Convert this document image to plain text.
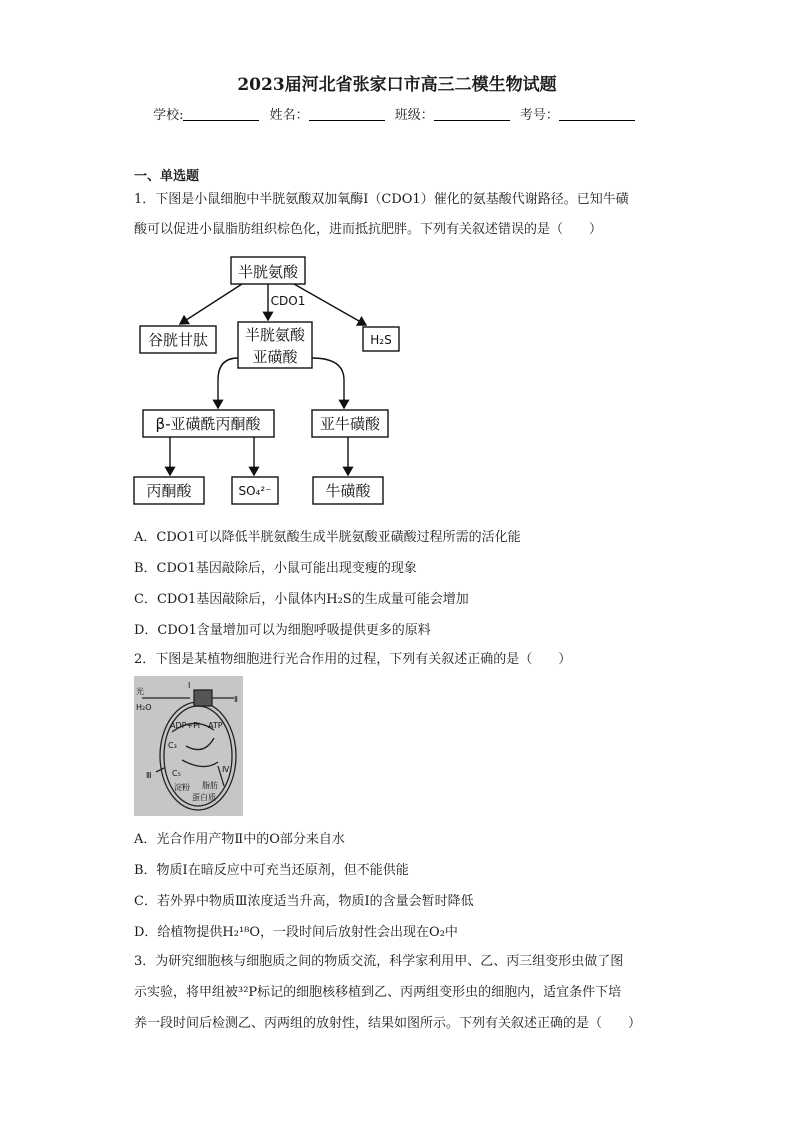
2023届河北省张家口市高三二模生物试题
学校:	姓名：	班级：	考号：
一、单选题
1．下图是小鼠细胞中半胱氨酸双加氧酶Ⅰ（CDO1）催化的氨基酸代谢路径。已知牛磺
酸可以促进小鼠脂肪组织棕色化，进而抵抗肥胖。下列有关叙述错误的是（　　）
半胱氨酸
谷胱甘肽 半胱氨酸
亚磺酸
β-亚磺酰丙酮酸	亚牛磺酸
丙酮酸	牛磺酸
CDO1
H₂S
SO₄²⁻
A．CDO1可以降低半胱氨酸生成半胱氨酸亚磺酸过程所需的活化能
B．CDO1基因敲除后，小鼠可能出现变瘦的现象
C．CDO1基因敲除后，小鼠体内H₂S的生成量可能会增加
D．CDO1含量增加可以为细胞呼吸提供更多的原料
2．下图是某植物细胞进行光合作用的过程，下列有关叙述正确的是（　　）
光
H₂O
ADP+Pi ATP
C₃
C₅
淀粉 脂肪
蛋白质
Ⅰ
Ⅱ
Ⅲ
Ⅳ
A．光合作用产物Ⅱ中的O部分来自水
B．物质Ⅰ在暗反应中可充当还原剂，但不能供能
C．若外界中物质Ⅲ浓度适当升高，物质Ⅰ的含量会暂时降低
D．给植物提供H₂¹⁸O，一段时间后放射性会出现在O₂中
3．为研究细胞核与细胞质之间的物质交流，科学家利用甲、乙、丙三组变形虫做了图
示实验，将甲组被³²P标记的细胞核移植到乙、丙两组变形虫的细胞内，适宜条件下培
养一段时间后检测乙、丙两组的放射性，结果如图所示。下列有关叙述正确的是（　　）
